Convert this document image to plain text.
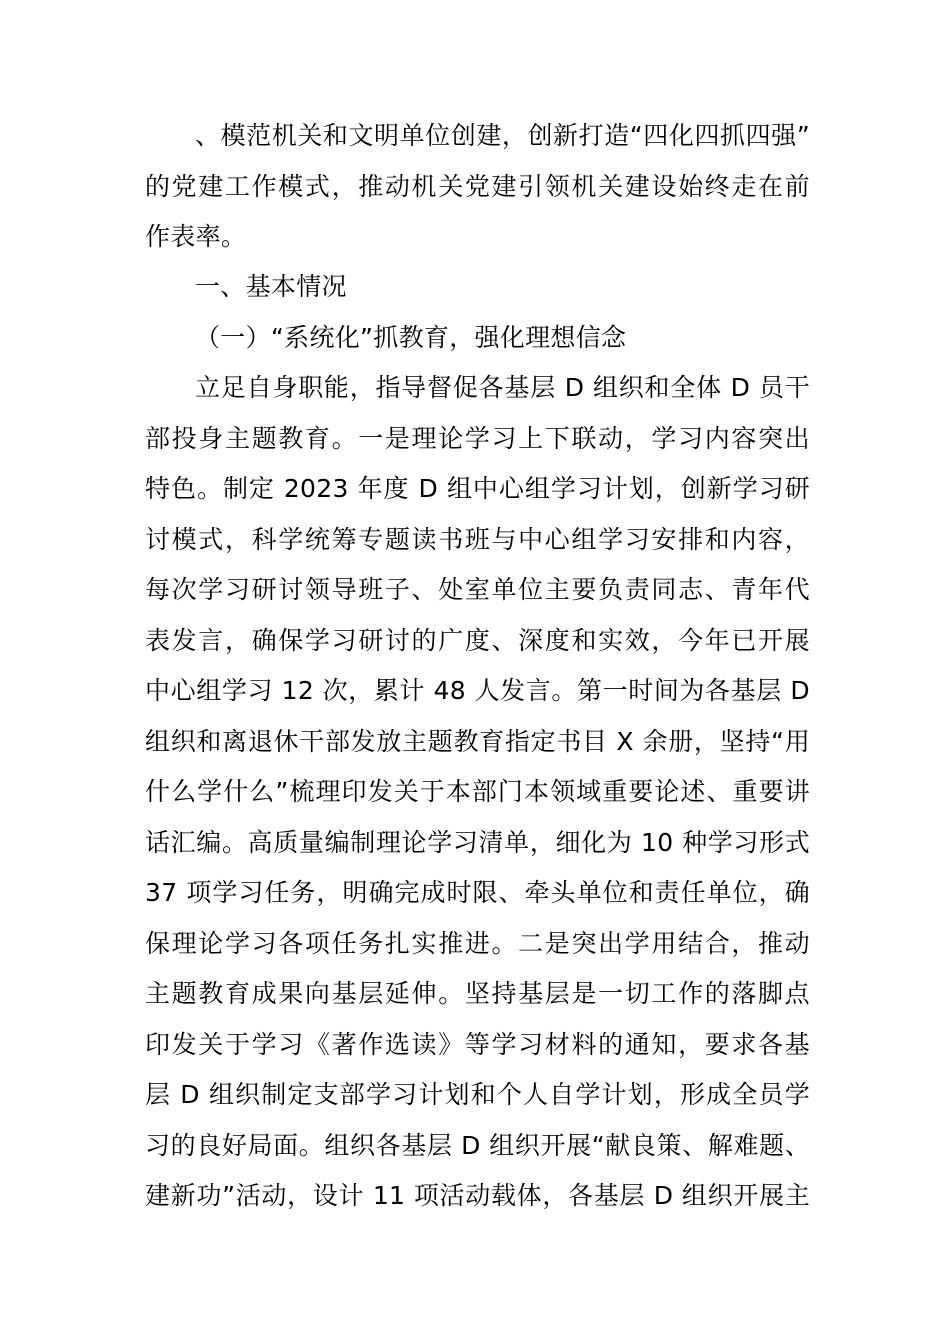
、模范机关和文明单位创建，创新打造“四化四抓四强”
的党建工作模式，推动机关党建引领机关建设始终走在前
作表率。
一、基本情况
（一）“系统化”抓教育，强化理想信念
立足自身职能，指导督促各基层 D 组织和全体 D 员干
部投身主题教育。一是理论学习上下联动，学习内容突出
特色。制定 2023 年度 D 组中心组学习计划，创新学习研
讨模式，科学统筹专题读书班与中心组学习安排和内容，
每次学习研讨领导班子、处室单位主要负责同志、青年代
表发言，确保学习研讨的广度、深度和实效，今年已开展
中心组学习 12 次，累计 48 人发言。第一时间为各基层 D
组织和离退休干部发放主题教育指定书目 X 余册，坚持“用
什么学什么”梳理印发关于本部门本领域重要论述、重要讲
话汇编。高质量编制理论学习清单，细化为 10 种学习形式
37 项学习任务，明确完成时限、牵头单位和责任单位，确
保理论学习各项任务扎实推进。二是突出学用结合，推动
主题教育成果向基层延伸。坚持基层是一切工作的落脚点
印发关于学习《著作选读》等学习材料的通知，要求各基
层 D 组织制定支部学习计划和个人自学计划，形成全员学
习的良好局面。组织各基层 D 组织开展“献良策、解难题、
建新功”活动，设计 11 项活动载体，各基层 D 组织开展主
